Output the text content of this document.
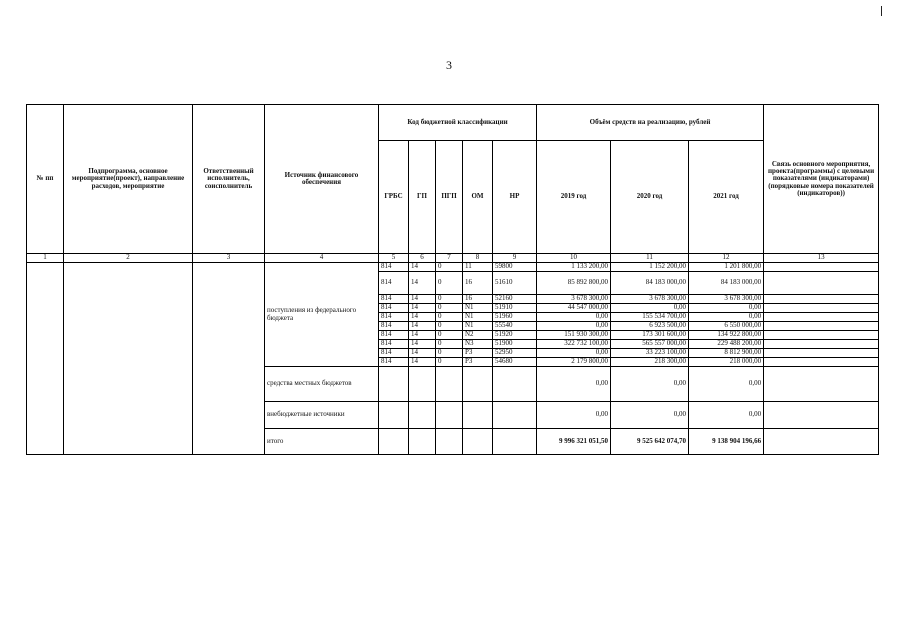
3
№ пп	Подпрограмма, основное мероприятие(проект), направление расходов, мероприятие	Ответственный исполнитель, соисполнитель	Источник финансового обеспечения	Код бюджетной классификации					Объём средств на реализацию, рублей			Связь основного мероприятия, проекта(программы) с целевыми показателями (индикаторами) (порядковые номера показателей (индикаторов))
				ГРБС	ГП	ПГП	ОМ	НР	2019 год	2020 год	2021 год	
1	2	3	4	5	6	7	8	9	10	11	12	13
			поступления из федерального бюджета	814	14	0	11	59800	1 133 200,00	1 152 200,00	1 201 800,00	
				814	14	0	16	51610	85 892 800,00	84 183 000,00	84 183 000,00	
				814	14	0	16	52160	3 678 300,00	3 678 300,00	3 678 300,00	
				814	14	0	N1	51910	44 547 000,00	0,00	0,00	
				814	14	0	N1	51960	0,00	155 534 700,00	0,00	
				814	14	0	N1	55540	0,00	6 923 500,00	6 550 000,00	
				814	14	0	N2	51920	151 930 300,00	173 301 600,00	134 922 800,00	
				814	14	0	N3	51900	322 732 100,00	565 557 000,00	229 488 200,00	
				814	14	0	P3	52950	0,00	33 223 100,00	8 812 900,00	
				814	14	0	P3	54680	2 179 800,00	218 300,00	218 000,00	
			средства местных бюджетов						0,00	0,00	0,00	
			внебюджетные источники						0,00	0,00	0,00	
			итого						9 996 321 051,50	9 525 642 074,70	9 138 904 196,66	
